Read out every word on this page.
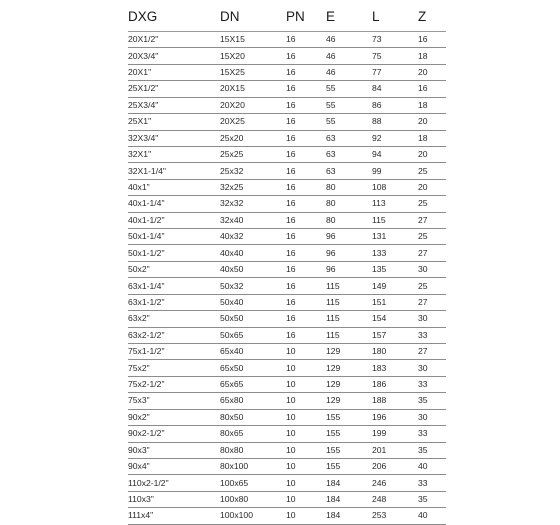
DXG	DN	PN	E	L	Z
20X1/2"	15X15	16	46	73	16
20X3/4"	15X20	16	46	75	18
20X1"	15X25	16	46	77	20
25X1/2"	20X15	16	55	84	16
25X3/4"	20X20	16	55	86	18
25X1"	20X25	16	55	88	20
32X3/4"	25x20	16	63	92	18
32X1"	25x25	16	63	94	20
32X1-1/4"	25x32	16	63	99	25
40x1"	32x25	16	80	108	20
40x1-1/4"	32x32	16	80	113	25
40x1-1/2"	32x40	16	80	115	27
50x1-1/4"	40x32	16	96	131	25
50x1-1/2"	40x40	16	96	133	27
50x2"	40x50	16	96	135	30
63x1-1/4"	50x32	16	115	149	25
63x1-1/2"	50x40	16	115	151	27
63x2"	50x50	16	115	154	30
63x2-1/2"	50x65	16	115	157	33
75x1-1/2"	65x40	10	129	180	27
75x2"	65x50	10	129	183	30
75x2-1/2"	65x65	10	129	186	33
75x3"	65x80	10	129	188	35
90x2"	80x50	10	155	196	30
90x2-1/2"	80x65	10	155	199	33
90x3"	80x80	10	155	201	35
90x4"	80x100	10	155	206	40
110x2-1/2"	100x65	10	184	246	33
110x3"	100x80	10	184	248	35
111x4"	100x100	10	184	253	40
